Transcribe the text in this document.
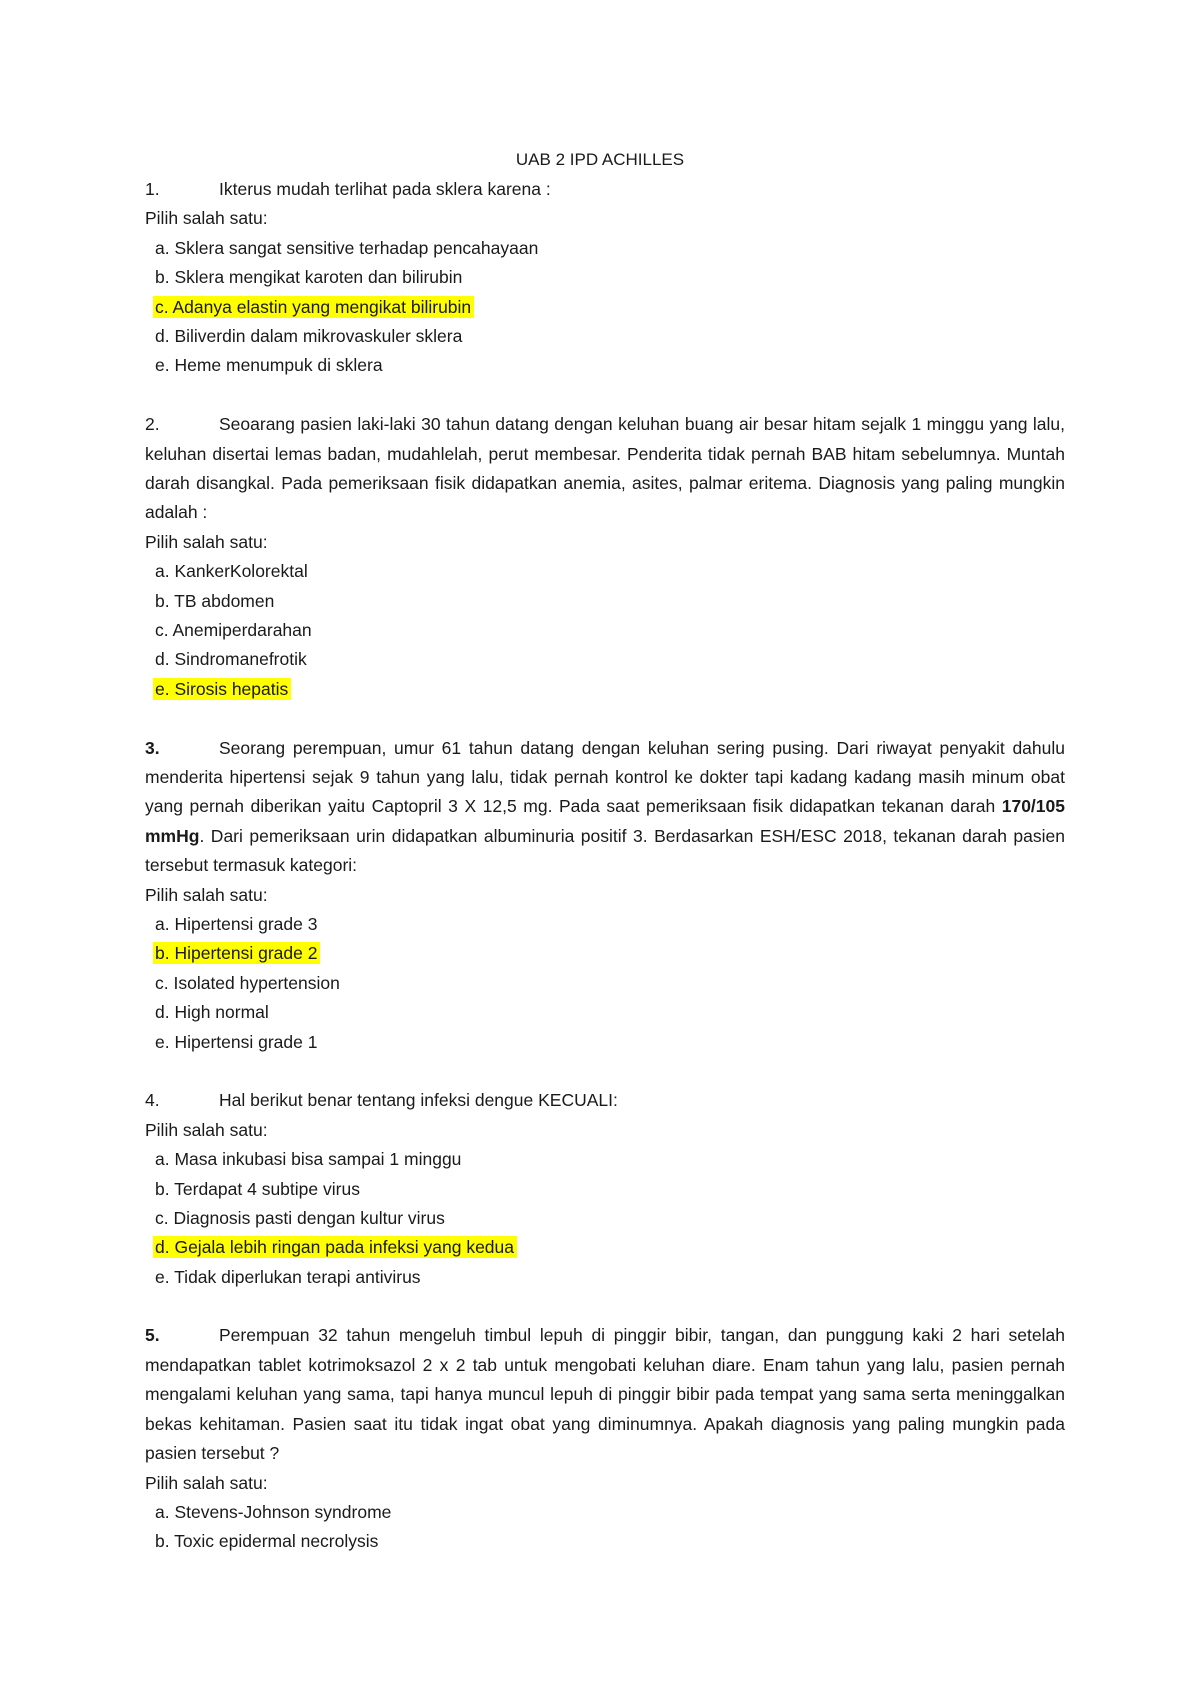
UAB 2 IPD ACHILLES

1.	Ikterus mudah terlihat pada sklera karena :

Pilih salah satu:

a. Sklera sangat sensitive terhadap pencahayaan
b. Sklera mengikat karoten dan bilirubin
c. Adanya elastin yang mengikat bilirubin
d. Biliverdin dalam mikrovaskuler sklera
e. Heme menumpuk di sklera

2.	Seoarang pasien laki-laki 30 tahun datang dengan keluhan buang air besar hitam sejalk 1 minggu yang lalu, keluhan disertai lemas badan, mudahlelah, perut membesar. Penderita tidak pernah BAB hitam sebelumnya. Muntah darah disangkal. Pada pemeriksaan fisik didapatkan anemia, asites, palmar eritema. Diagnosis yang paling mungkin adalah :

Pilih salah satu:

a. KankerKolorektal
b. TB abdomen
c. Anemiperdarahan
d. Sindromanefrotik
e. Sirosis hepatis

3.	Seorang perempuan, umur 61 tahun datang dengan keluhan sering pusing. Dari riwayat penyakit dahulu menderita hipertensi sejak 9 tahun yang lalu, tidak pernah kontrol ke dokter tapi kadang kadang masih minum obat yang pernah diberikan yaitu Captopril 3 X 12,5 mg. Pada saat pemeriksaan fisik didapatkan tekanan darah 170/105 mmHg. Dari pemeriksaan urin didapatkan albuminuria positif 3. Berdasarkan ESH/ESC 2018, tekanan darah pasien tersebut termasuk kategori:

Pilih salah satu:

a. Hipertensi grade 3
b. Hipertensi grade 2
c. Isolated hypertension
d. High normal
e. Hipertensi grade 1

4.	Hal berikut benar tentang infeksi dengue KECUALI:

Pilih salah satu:

a. Masa inkubasi bisa sampai 1 minggu
b. Terdapat 4 subtipe virus
c. Diagnosis pasti dengan kultur virus
d. Gejala lebih ringan pada infeksi yang kedua
e. Tidak diperlukan terapi antivirus

5.	Perempuan 32 tahun mengeluh timbul lepuh di pinggir bibir, tangan, dan punggung kaki 2 hari setelah mendapatkan tablet kotrimoksazol 2 x 2 tab untuk mengobati keluhan diare. Enam tahun yang lalu, pasien pernah mengalami keluhan yang sama, tapi hanya muncul lepuh di pinggir bibir pada tempat yang sama serta meninggalkan bekas kehitaman. Pasien saat itu tidak ingat obat yang diminumnya. Apakah diagnosis yang paling mungkin pada pasien tersebut ?

Pilih salah satu:

a. Stevens-Johnson syndrome
b. Toxic epidermal necrolysis
